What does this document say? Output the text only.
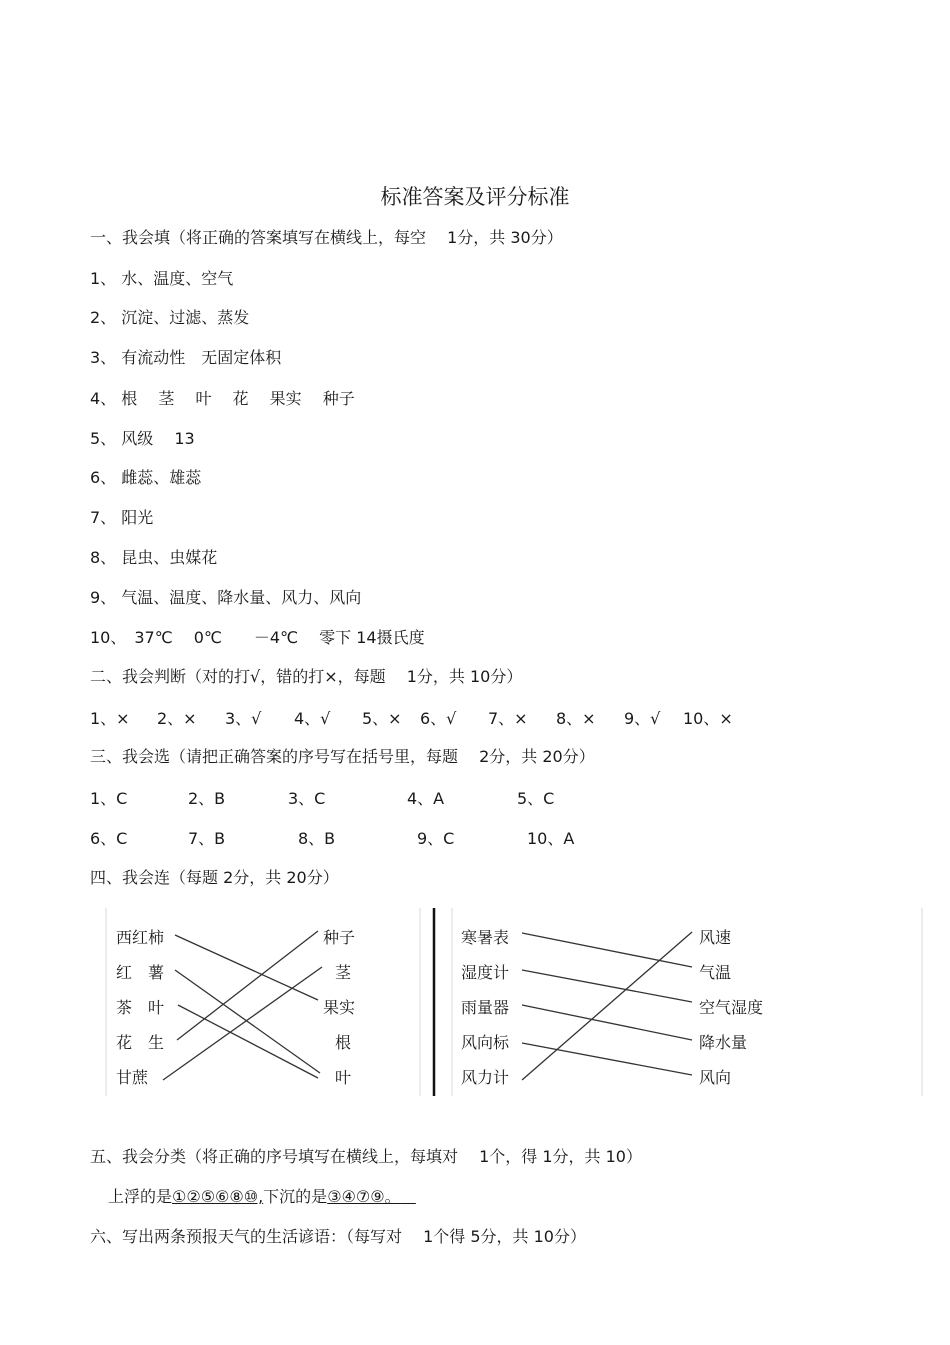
标准答案及评分标准
一、我会填（将正确的答案填写在横线上，每空　 1分，共 30分）
1、 水、温度、空气
2、 沉淀、过滤、蒸发
3、 有流动性　无固定体积
4、 根　 茎　 叶　 花　 果实　 种子
5、 风级　 13
6、 雌蕊、雄蕊
7、 阳光
8、 昆虫、虫媒花
9、 气温、温度、降水量、风力、风向
10、　37℃　 0℃　　－4℃　 零下 14摄氏度
二、我会判断（对的打√，错的打×，每题　 1分，共 10分）
1、× 2、× 3、√ 4、√ 5、× 6、√ 7、× 8、× 9、√ 10、×
三、我会选（请把正确答案的序号写在括号里，每题　 2分，共 20分）
1、C	2、B	3、C	4、A	5、C
6、C	7、B	8、B	9、C	10、A
四、我会连（每题 2分，共 20分）
西红柿
红　薯
茶　叶
花　生
甘蔗
种子
茎
果实
根
叶
寒暑表
湿度计
雨量器
风向标
风力计
风速
气温
空气湿度
降水量
风向
五、我会分类（将正确的序号填写在横线上，每填对　 1个，得 1分，共 10）
上浮的是①②⑤⑥⑧⑩,下沉的是③④⑦⑨。
六、写出两条预报天气的生活谚语：（每写对　 1个得 5分，共 10分）
